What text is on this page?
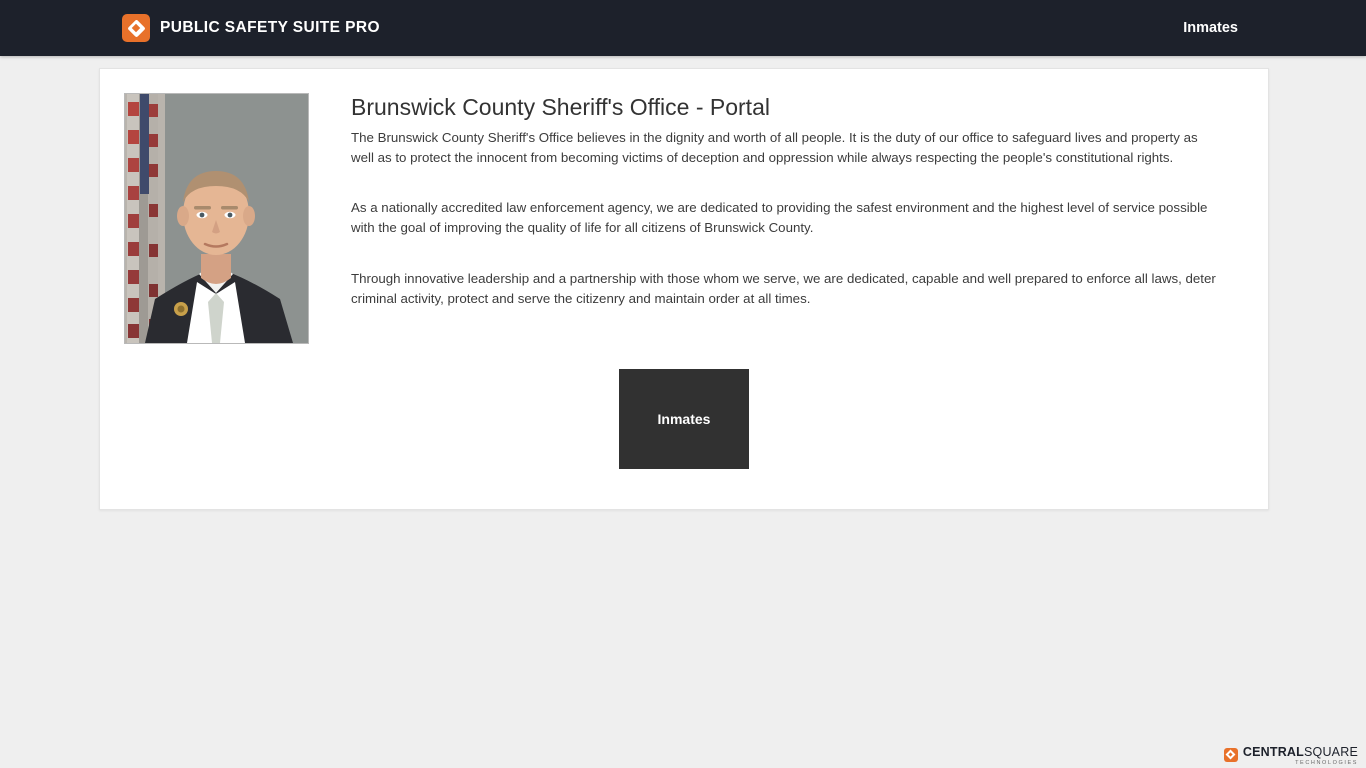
PUBLIC SAFETY SUITE PRO	Inmates
Brunswick County Sheriff's Office - Portal

The Brunswick County Sheriff's Office believes in the dignity and worth of all people. It is the duty of our office to safeguard lives and property as well as to protect the innocent from becoming victims of deception and oppression while always respecting the people's constitutional rights.

As a nationally accredited law enforcement agency, we are dedicated to providing the safest environment and the highest level of service possible with the goal of improving the quality of life for all citizens of Brunswick County.

Through innovative leadership and a partnership with those whom we serve, we are dedicated, capable and well prepared to enforce all laws, deter criminal activity, protect and serve the citizenry and maintain order at all times.

Inmates
CENTRALSQUARE
TECHNOLOGIES
